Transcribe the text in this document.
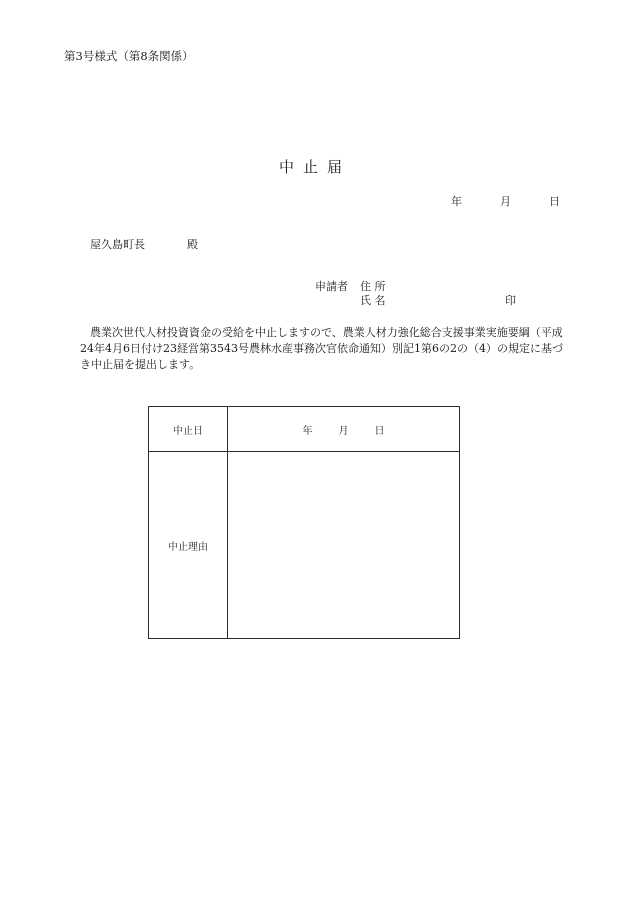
第3号様式（第8条関係）
中止届
年	月	日
屋久島町長	殿
申請者 住 所
氏 名	印
農業次世代人材投資資金の受給を中止しますので、農業人材力強化総合支援事業実施要綱（平成24年4月6日付け23経営第3543号農林水産事務次官依命通知）別記1第6の2の（4）の規定に基づき中止届を提出します。
中止日	年 月 日
中止理由	
